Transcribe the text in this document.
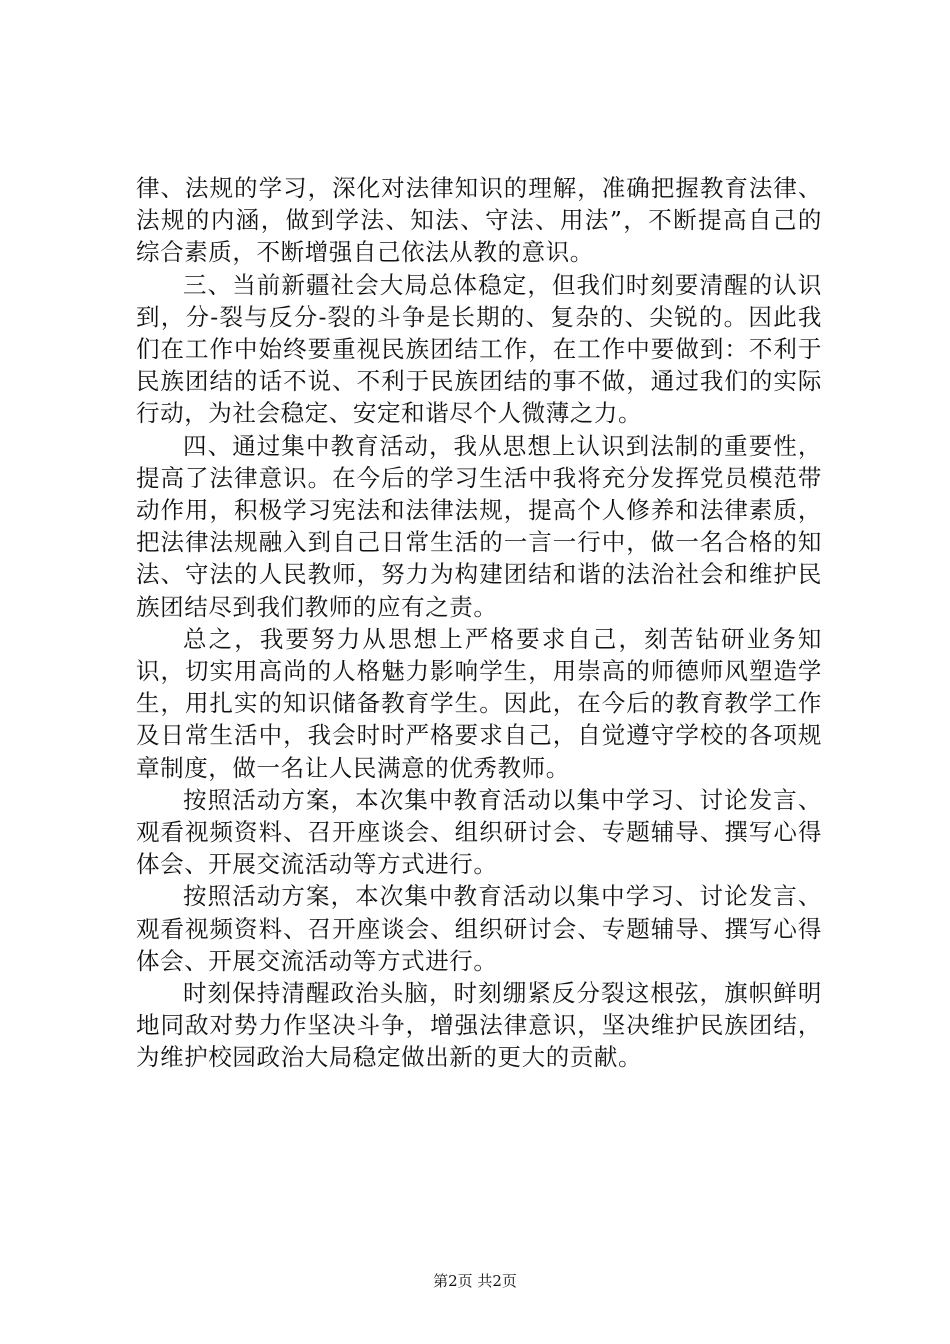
律、法规的学习，深化对法律知识的理解，准确把握教育法律、法规的内涵，做到学法、知法、守法、用法”，不断提高自己的综合素质，不断增强自己依法从教的意识。

三、当前新疆社会大局总体稳定，但我们时刻要清醒的认识到，分-裂与反分-裂的斗争是长期的、复杂的、尖锐的。因此我们在工作中始终要重视民族团结工作，在工作中要做到：不利于民族团结的话不说、不利于民族团结的事不做，通过我们的实际行动，为社会稳定、安定和谐尽个人微薄之力。

四、通过集中教育活动，我从思想上认识到法制的重要性，提高了法律意识。在今后的学习生活中我将充分发挥党员模范带动作用，积极学习宪法和法律法规，提高个人修养和法律素质，把法律法规融入到自己日常生活的一言一行中，做一名合格的知法、守法的人民教师，努力为构建团结和谐的法治社会和维护民族团结尽到我们教师的应有之责。

总之，我要努力从思想上严格要求自己，刻苦钻研业务知识，切实用高尚的人格魅力影响学生，用崇高的师德师风塑造学生，用扎实的知识储备教育学生。因此，在今后的教育教学工作及日常生活中，我会时时严格要求自己，自觉遵守学校的各项规章制度，做一名让人民满意的优秀教师。

按照活动方案，本次集中教育活动以集中学习、讨论发言、观看视频资料、召开座谈会、组织研讨会、专题辅导、撰写心得体会、开展交流活动等方式进行。

按照活动方案，本次集中教育活动以集中学习、讨论发言、观看视频资料、召开座谈会、组织研讨会、专题辅导、撰写心得体会、开展交流活动等方式进行。

时刻保持清醒政治头脑，时刻绷紧反分裂这根弦，旗帜鲜明地同敌对势力作坚决斗争，增强法律意识，坚决维护民族团结，为维护校园政治大局稳定做出新的更大的贡献。

第2页 共2页
